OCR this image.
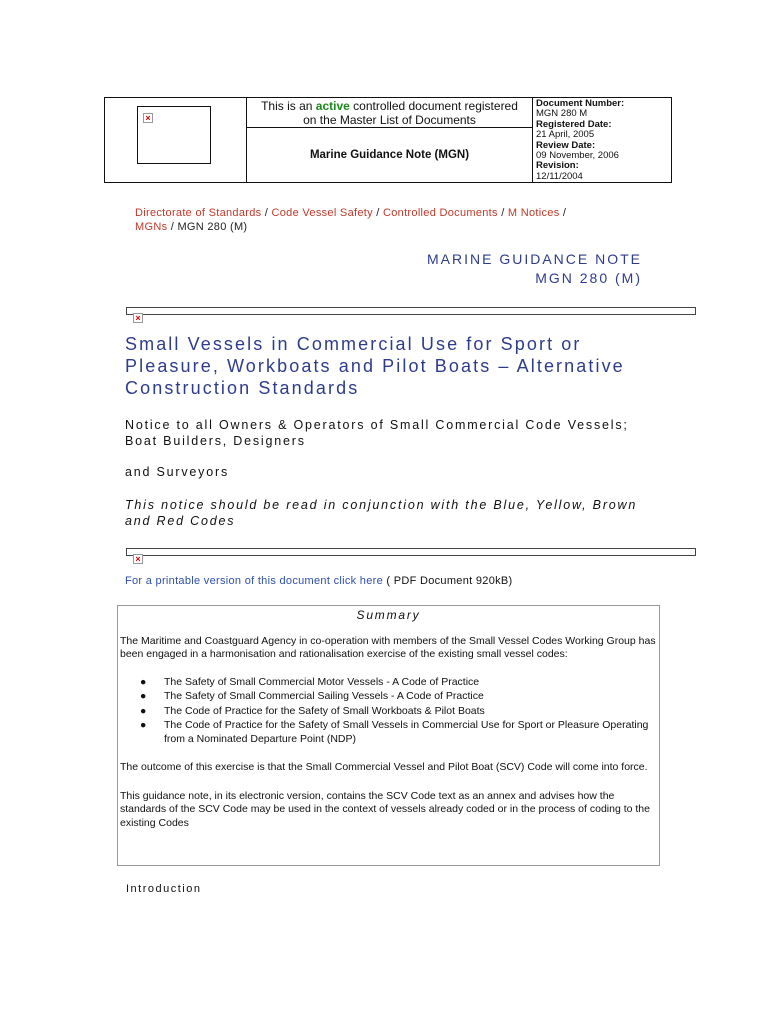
×
This is an active controlled document registered
on the Master List of Documents
Marine Guidance Note (MGN)
Document Number:
MGN 280 M
Registered Date:
21 April, 2005
Review Date:
09 November, 2006
Revision:
12/11/2004
Directorate of Standards / Code Vessel Safety / Controlled Documents / M Notices /
MGNs / MGN 280 (M)
MARINE GUIDANCE NOTE
MGN 280 (M)
×
Small Vessels in Commercial Use for Sport or Pleasure, Workboats and Pilot Boats – Alternative Construction Standards
Notice to all Owners & Operators of Small Commercial Code Vessels; Boat Builders, Designers
and Surveyors
This notice should be read in conjunction with the Blue, Yellow, Brown and Red Codes
×
For a printable version of this document click here ( PDF Document 920kB)
Summary

The Maritime and Coastguard Agency in co-operation with members of the Small Vessel Codes Working Group has been engaged in a harmonisation and rationalisation exercise of the existing small vessel codes:

● The Safety of Small Commercial Motor Vessels - A Code of Practice
● The Safety of Small Commercial Sailing Vessels - A Code of Practice
● The Code of Practice for the Safety of Small Workboats & Pilot Boats
● The Code of Practice for the Safety of Small Vessels in Commercial Use for Sport or Pleasure Operating from a Nominated Departure Point (NDP)

The outcome of this exercise is that the Small Commercial Vessel and Pilot Boat (SCV) Code will come into force.

This guidance note, in its electronic version, contains the SCV Code text as an annex and advises how the standards of the SCV Code may be used in the context of vessels already coded or in the process of coding to the existing Codes

Introduction
